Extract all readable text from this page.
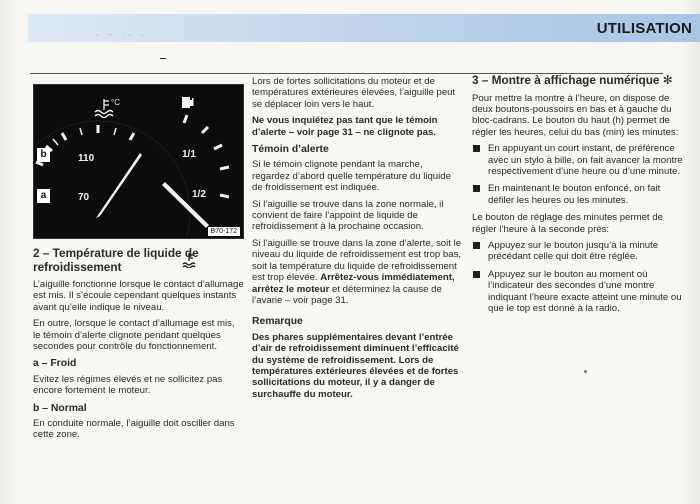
UTILISATION
- ~ ·- -
110
70
°C
1/1
1/2
b
a
B70-172
2 – Température de liquide de refroidissement

L’aiguille fonctionne lorsque le contact d’allumage est mis. Il s’écoule cependant quelques instants avant qu’elle indique le niveau.

En outre, lorsque le contact d’allumage est mis, le témoin d’alerte clignote pendant quelques secondes pour contrôle du fonctionnement.

a – Froid

Evitez les régimes élevés et ne sollicitez pas encore fortement le moteur.

b – Normal

En conduite normale, l’aiguille doit osciller dans cette zone.

Lors de fortes sollicitations du moteur et de températures extérieures élevées, l’aiguille peut se déplacer loin vers le haut.

Ne vous inquiétez pas tant que le témoin d’alerte – voir page 31 – ne clignote pas.

Témoin d’alerte

Si le témoin clignote pendant la marche, regardez d’abord quelle température du liquide de froidissement est indiquée.

Si l’aiguille se trouve dans la zone normale, il convient de faire l’appoint de liquide de refroidissement à la prochaine occasion.

Si l’aiguille se trouve dans la zone d’alerte, soit le niveau du liquide de refroidissement est trop bas, soit la température du liquide de refroidissement est trop élevée. Arrêtez-vous immédiatement, arrêtez le moteur et déterminez la cause de l’avarie – voir page 31.

Remarque

Des phares supplémentaires devant l’entrée d’air de refroidissement diminuent l’efficacité du système de refroidissement. Lors de températures extérieures élevées et de fortes sollicitations du moteur, il y a danger de surchauffe du moteur.

3 – Montre à affichage numérique ✻

Pour mettre la montre à l’heure, on dispose de deux boutons-poussoirs en bas et à gauche du bloc-cadrans. Le bouton du haut (h) permet de régler les heures, celui du bas (min) les minutes:

En appuyant un court instant, de préférence avec un stylo à bille, on fait avancer la montre respectivement d’une heure ou d’une minute.
En maintenant le bouton enfoncé, on fait défiler les heures ou les minutes.

Le bouton de réglage des minutes permet de régler l’heure à la seconde près:

Appuyez sur le bouton jusqu’à la minute précédant celle qui doit être réglée.
Appuyez sur le bouton au moment où l’indicateur des secondes d’une montre indiquant l’heure exacte atteint une minute ou que le top est donné à la radio.
